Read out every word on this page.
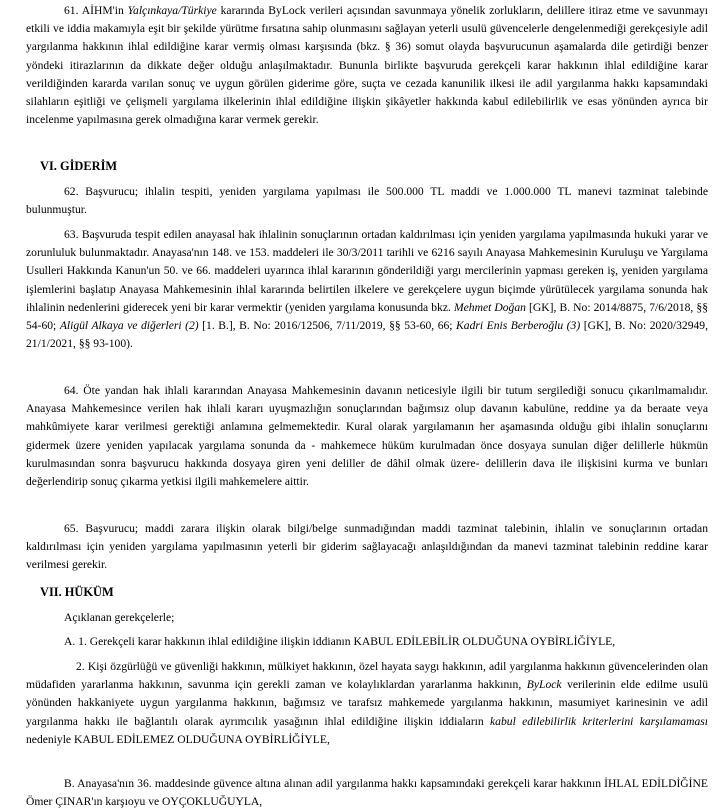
61. AİHM'in Yalçınkaya/Türkiye kararında ByLock verileri açısından savunmaya yönelik zorlukların, delillere itiraz etme ve savunmayı etkili ve iddia makamıyla eşit bir şekilde yürütme fırsatına sahip olunmasını sağlayan yeterli usulü güvencelerle dengelenmediği gerekçesiyle adil yargılanma hakkının ihlal edildiğine karar vermiş olması karşısında (bkz. § 36) somut olayda başvurucunun aşamalarda dile getirdiği benzer yöndeki itirazlarının da dikkate değer olduğu anlaşılmaktadır. Bununla birlikte başvuruda gerekçeli karar hakkının ihlal edildiğine karar verildiğinden kararda varılan sonuç ve uygun görülen giderime göre, suçta ve cezada kanunilik ilkesi ile adil yargılanma hakkı kapsamındaki silahların eşitliği ve çelişmeli yargılama ilkelerinin ihlal edildiğine ilişkin şikâyetler hakkında kabul edilebilirlik ve esas yönünden ayrıca bir incelenme yapılmasına gerek olmadığına karar vermek gerekir.

VI. GİDERİM

62. Başvurucu; ihlalin tespiti, yeniden yargılama yapılması ile 500.000 TL maddi ve 1.000.000 TL manevi tazminat talebinde bulunmuştur.

63. Başvuruda tespit edilen anayasal hak ihlalinin sonuçlarının ortadan kaldırılması için yeniden yargılama yapılmasında hukuki yarar ve zorunluluk bulunmaktadır. Anayasa'nın 148. ve 153. maddeleri ile 30/3/2011 tarihli ve 6216 sayılı Anayasa Mahkemesinin Kuruluşu ve Yargılama Usulleri Hakkında Kanun'un 50. ve 66. maddeleri uyarınca ihlal kararının gönderildiği yargı mercilerinin yapması gereken iş, yeniden yargılama işlemlerini başlatıp Anayasa Mahkemesinin ihlal kararında belirtilen ilkelere ve gerekçelere uygun biçimde yürütülecek yargılama sonunda hak ihlalinin nedenlerini giderecek yeni bir karar vermektir (yeniden yargılama konusunda bkz. Mehmet Doğan [GK], B. No: 2014/8875, 7/6/2018, §§ 54-60; Aligül Alkaya ve diğerleri (2) [1. B.], B. No: 2016/12506, 7/11/2019, §§ 53-60, 66; Kadri Enis Berberoğlu (3) [GK], B. No: 2020/32949, 21/1/2021, §§ 93-100).

64. Öte yandan hak ihlali kararından Anayasa Mahkemesinin davanın neticesiyle ilgili bir tutum sergilediği sonucu çıkarılmamalıdır. Anayasa Mahkemesince verilen hak ihlali kararı uyuşmazlığın sonuçlarından bağımsız olup davanın kabulüne, reddine ya da beraate veya mahkûmiyete karar verilmesi gerektiği anlamına gelmemektedir. Kural olarak yargılamanın her aşamasında olduğu gibi ihlalin sonuçlarını gidermek üzere yeniden yapılacak yargılama sonunda da - mahkemece hüküm kurulmadan önce dosyaya sunulan diğer delillerle hükmün kurulmasından sonra başvurucu hakkında dosyaya giren yeni deliller de dâhil olmak üzere- delillerin dava ile ilişkisini kurma ve bunları değerlendirip sonuç çıkarma yetkisi ilgili mahkemelere aittir.

65. Başvurucu; maddi zarara ilişkin olarak bilgi/belge sunmadığından maddi tazminat talebinin, ihlalin ve sonuçlarının ortadan kaldırılması için yeniden yargılama yapılmasının yeterli bir giderim sağlayacağı anlaşıldığından da manevi tazminat talebinin reddine karar verilmesi gerekir.

VII. HÜKÜM

Açıklanan gerekçelerle;

A. 1. Gerekçeli karar hakkının ihlal edildiğine ilişkin iddianın KABUL EDİLEBİLİR OLDUĞUNA OYBİRLİĞİYLE,

2. Kişi özgürlüğü ve güvenliği hakkının, mülkiyet hakkının, özel hayata saygı hakkının, adil yargılanma hakkının güvencelerinden olan müdafiden yararlanma hakkının, savunma için gerekli zaman ve kolaylıklardan yararlanma hakkının, ByLock verilerinin elde edilme usulü yönünden hakkaniyete uygun yargılanma hakkının, bağımsız ve tarafsız mahkemede yargılanma hakkının, masumiyet karinesinin ve adil yargılanma hakkı ile bağlantılı olarak ayrımcılık yasağının ihlal edildiğine ilişkin iddiaların kabul edilebilirlik kriterlerini karşılamaması nedeniyle KABUL EDİLEMEZ OLDUĞUNA OYBİRLİĞİYLE,

B. Anayasa'nın 36. maddesinde güvence altına alınan adil yargılanma hakkı kapsamındaki gerekçeli karar hakkının İHLAL EDİLDİĞİNE Ömer ÇINAR'ın karşıoyu ve OYÇOKLUĞUYLA,
